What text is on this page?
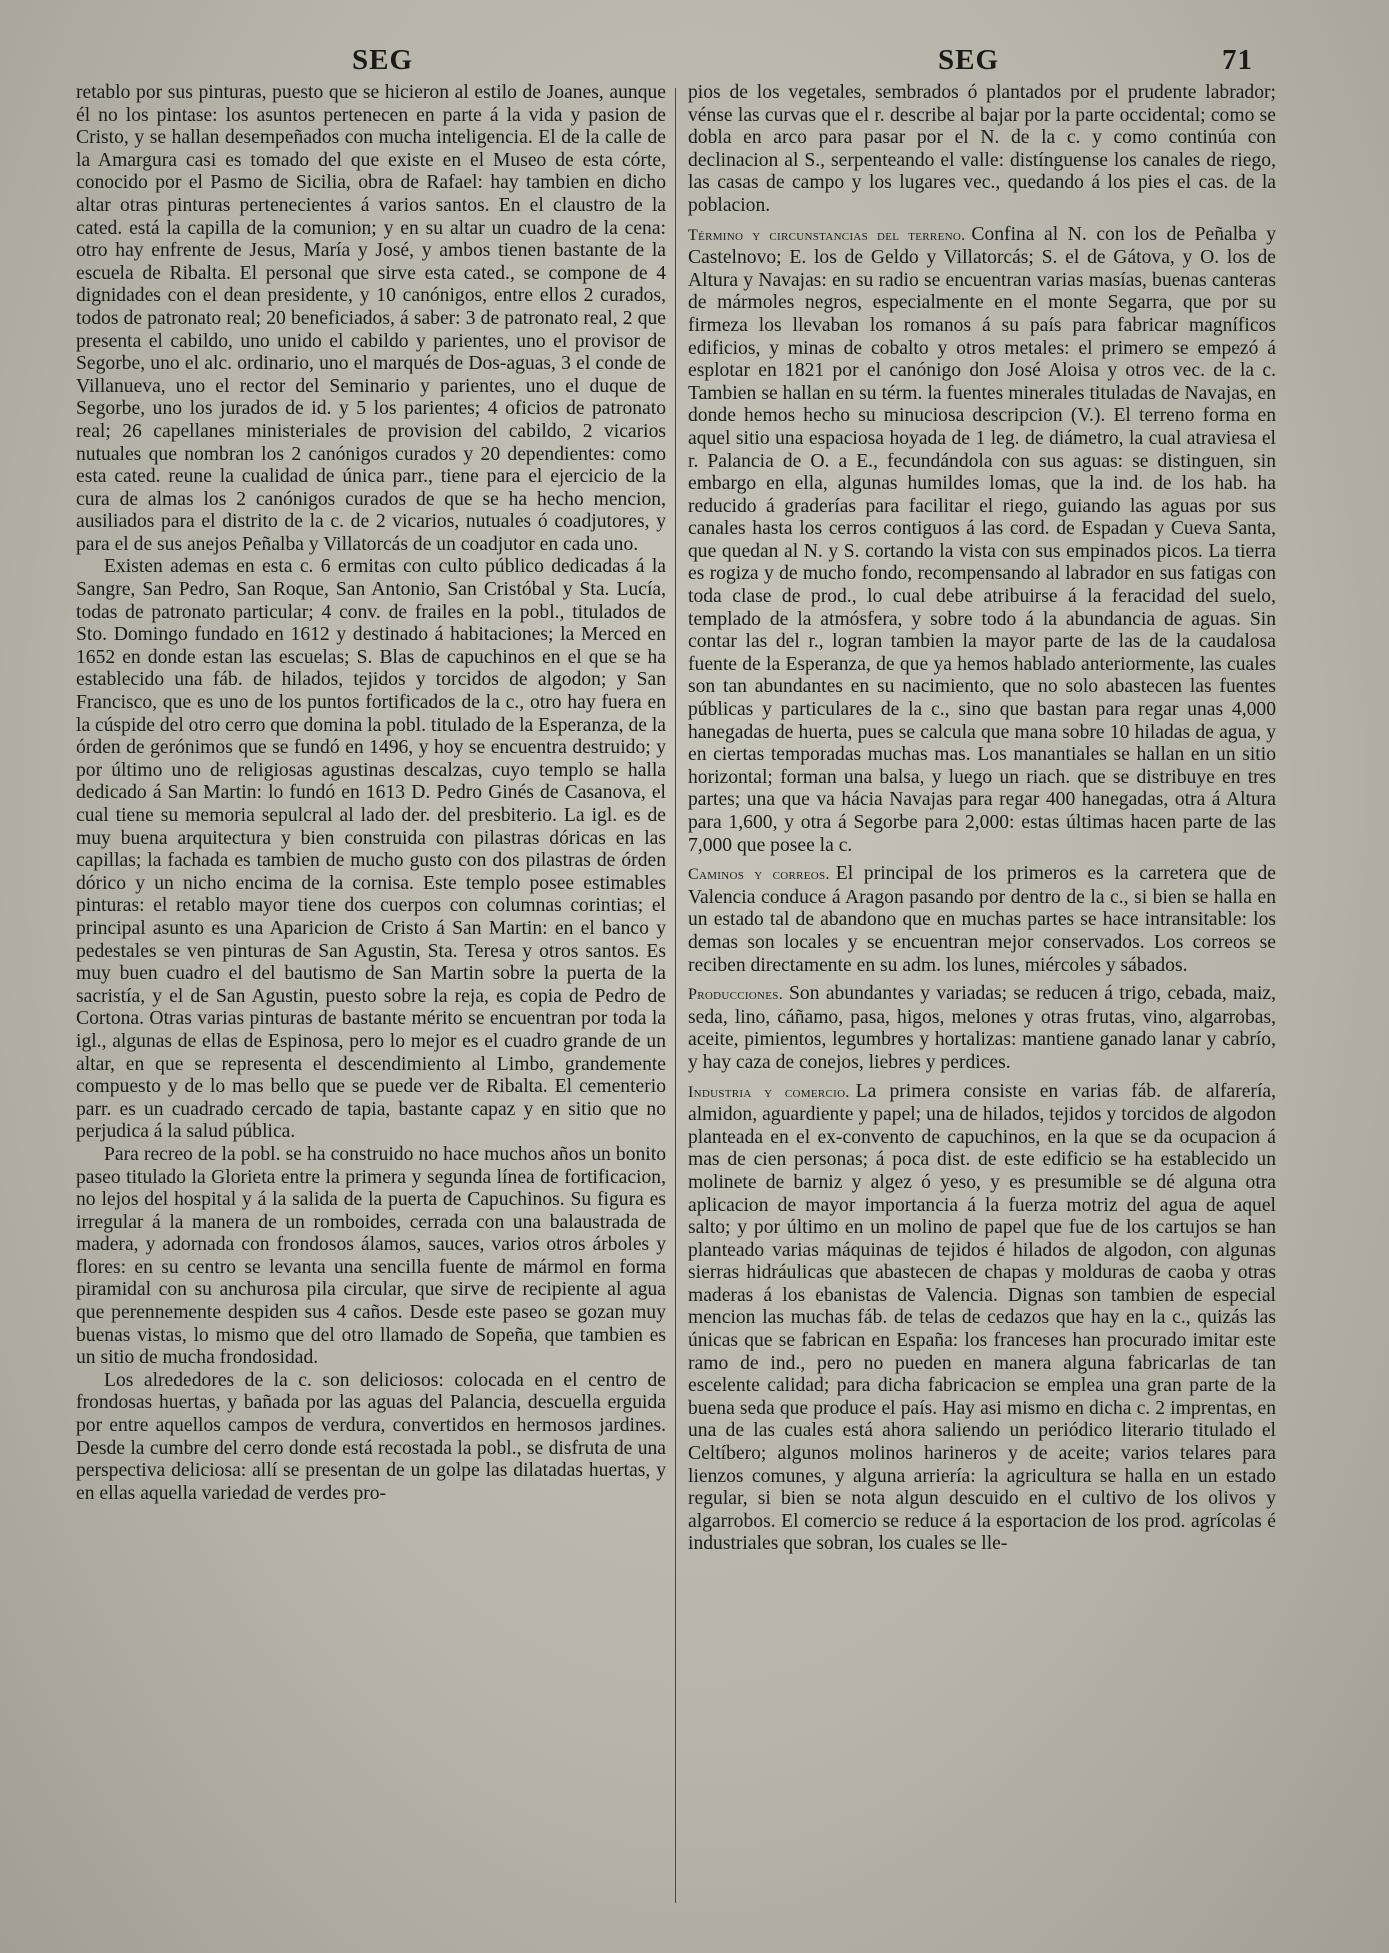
SEG	SEG	71

retablo por sus pinturas, puesto que se hicieron al estilo de Joanes, aunque él no los pintase: los asuntos pertenecen en parte á la vida y pasion de Cristo, y se hallan desempeñados con mucha inteligencia. El de la calle de la Amargura casi es tomado del que existe en el Museo de esta córte, conocido por el Pasmo de Sicilia, obra de Rafael: hay tambien en dicho altar otras pinturas pertenecientes á varios santos. En el claustro de la cated. está la capilla de la comunion; y en su altar un cuadro de la cena: otro hay enfrente de Jesus, María y José, y ambos tienen bastante de la escuela de Ribalta. El personal que sirve esta cated., se compone de 4 dignidades con el dean presidente, y 10 canónigos, entre ellos 2 curados, todos de patronato real; 20 beneficiados, á saber: 3 de patronato real, 2 que presenta el cabildo, uno unido el cabildo y parientes, uno el provisor de Segorbe, uno el alc. ordinario, uno el marqués de Dos-aguas, 3 el conde de Villanueva, uno el rector del Seminario y parientes, uno el duque de Segorbe, uno los jurados de id. y 5 los parientes; 4 oficios de patronato real; 26 capellanes ministeriales de provision del cabildo, 2 vicarios nutuales que nombran los 2 canónigos curados y 20 dependientes: como esta cated. reune la cualidad de única parr., tiene para el ejercicio de la cura de almas los 2 canónigos curados de que se ha hecho mencion, ausiliados para el distrito de la c. de 2 vicarios, nutuales ó coadjutores, y para el de sus anejos Peñalba y Villatorcás de un coadjutor en cada uno.

Existen ademas en esta c. 6 ermitas con culto público dedicadas á la Sangre, San Pedro, San Roque, San Antonio, San Cristóbal y Sta. Lucía, todas de patronato particular; 4 conv. de frailes en la pobl., titulados de Sto. Domingo fundado en 1612 y destinado á habitaciones; la Merced en 1652 en donde estan las escuelas; S. Blas de capuchinos en el que se ha establecido una fáb. de hilados, tejidos y torcidos de algodon; y San Francisco, que es uno de los puntos fortificados de la c., otro hay fuera en la cúspide del otro cerro que domina la pobl. titulado de la Esperanza, de la órden de gerónimos que se fundó en 1496, y hoy se encuentra destruido; y por último uno de religiosas agustinas descalzas, cuyo templo se halla dedicado á San Martin: lo fundó en 1613 D. Pedro Ginés de Casanova, el cual tiene su memoria sepulcral al lado der. del presbiterio. La igl. es de muy buena arquitectura y bien construida con pilastras dóricas en las capillas; la fachada es tambien de mucho gusto con dos pilastras de órden dórico y un nicho encima de la cornisa. Este templo posee estimables pinturas: el retablo mayor tiene dos cuerpos con columnas corintias; el principal asunto es una Aparicion de Cristo á San Martin: en el banco y pedestales se ven pinturas de San Agustin, Sta. Teresa y otros santos. Es muy buen cuadro el del bautismo de San Martin sobre la puerta de la sacristía, y el de San Agustin, puesto sobre la reja, es copia de Pedro de Cortona. Otras varias pinturas de bastante mérito se encuentran por toda la igl., algunas de ellas de Espinosa, pero lo mejor es el cuadro grande de un altar, en que se representa el descendimiento al Limbo, grandemente compuesto y de lo mas bello que se puede ver de Ribalta. El cementerio parr. es un cuadrado cercado de tapia, bastante capaz y en sitio que no perjudica á la salud pública.

Para recreo de la pobl. se ha construido no hace muchos años un bonito paseo titulado la Glorieta entre la primera y segunda línea de fortificacion, no lejos del hospital y á la salida de la puerta de Capuchinos. Su figura es irregular á la manera de un romboides, cerrada con una balaustrada de madera, y adornada con frondosos álamos, sauces, varios otros árboles y flores: en su centro se levanta una sencilla fuente de mármol en forma piramidal con su anchurosa pila circular, que sirve de recipiente al agua que perennemente despiden sus 4 caños. Desde este paseo se gozan muy buenas vistas, lo mismo que del otro llamado de Sopeña, que tambien es un sitio de mucha frondosidad.

Los alrededores de la c. son deliciosos: colocada en el centro de frondosas huertas, y bañada por las aguas del Palancia, descuella erguida por entre aquellos campos de verdura, convertidos en hermosos jardines. Desde la cumbre del cerro donde está recostada la pobl., se disfruta de una perspectiva deliciosa: allí se presentan de un golpe las dilatadas huertas, y en ellas aquella variedad de verdes pro-

pios de los vegetales, sembrados ó plantados por el prudente labrador; vénse las curvas que el r. describe al bajar por la parte occidental; como se dobla en arco para pasar por el N. de la c. y como continúa con declinacion al S., serpenteando el valle: distínguense los canales de riego, las casas de campo y los lugares vec., quedando á los pies el cas. de la poblacion.

Término y circunstancias del terreno. Confina al N. con los de Peñalba y Castelnovo; E. los de Geldo y Villatorcás; S. el de Gátova, y O. los de Altura y Navajas: en su radio se encuentran varias masías, buenas canteras de mármoles negros, especialmente en el monte Segarra, que por su firmeza los llevaban los romanos á su país para fabricar magníficos edificios, y minas de cobalto y otros metales: el primero se empezó á esplotar en 1821 por el canónigo don José Aloisa y otros vec. de la c. Tambien se hallan en su térm. la fuentes minerales tituladas de Navajas, en donde hemos hecho su minuciosa descripcion (V.). El terreno forma en aquel sitio una espaciosa hoyada de 1 leg. de diámetro, la cual atraviesa el r. Palancia de O. a E., fecundándola con sus aguas: se distinguen, sin embargo en ella, algunas humildes lomas, que la ind. de los hab. ha reducido á graderías para facilitar el riego, guiando las aguas por sus canales hasta los cerros contiguos á las cord. de Espadan y Cueva Santa, que quedan al N. y S. cortando la vista con sus empinados picos. La tierra es rogiza y de mucho fondo, recompensando al labrador en sus fatigas con toda clase de prod., lo cual debe atribuirse á la feracidad del suelo, templado de la atmósfera, y sobre todo á la abundancia de aguas. Sin contar las del r., logran tambien la mayor parte de las de la caudalosa fuente de la Esperanza, de que ya hemos hablado anteriormente, las cuales son tan abundantes en su nacimiento, que no solo abastecen las fuentes públicas y particulares de la c., sino que bastan para regar unas 4,000 hanegadas de huerta, pues se calcula que mana sobre 10 hiladas de agua, y en ciertas temporadas muchas mas. Los manantiales se hallan en un sitio horizontal; forman una balsa, y luego un riach. que se distribuye en tres partes; una que va hácia Navajas para regar 400 hanegadas, otra á Altura para 1,600, y otra á Segorbe para 2,000: estas últimas hacen parte de las 7,000 que posee la c.

Caminos y correos. El principal de los primeros es la carretera que de Valencia conduce á Aragon pasando por dentro de la c., si bien se halla en un estado tal de abandono que en muchas partes se hace intransitable: los demas son locales y se encuentran mejor conservados. Los correos se reciben directamente en su adm. los lunes, miércoles y sábados.

Producciones. Son abundantes y variadas; se reducen á trigo, cebada, maiz, seda, lino, cáñamo, pasa, higos, melones y otras frutas, vino, algarrobas, aceite, pimientos, legumbres y hortalizas: mantiene ganado lanar y cabrío, y hay caza de conejos, liebres y perdices.

Industria y comercio. La primera consiste en varias fáb. de alfarería, almidon, aguardiente y papel; una de hilados, tejidos y torcidos de algodon planteada en el ex-convento de capuchinos, en la que se da ocupacion á mas de cien personas; á poca dist. de este edificio se ha establecido un molinete de barniz y algez ó yeso, y es presumible se dé alguna otra aplicacion de mayor importancia á la fuerza motriz del agua de aquel salto; y por último en un molino de papel que fue de los cartujos se han planteado varias máquinas de tejidos é hilados de algodon, con algunas sierras hidráulicas que abastecen de chapas y molduras de caoba y otras maderas á los ebanistas de Valencia. Dignas son tambien de especial mencion las muchas fáb. de telas de cedazos que hay en la c., quizás las únicas que se fabrican en España: los franceses han procurado imitar este ramo de ind., pero no pueden en manera alguna fabricarlas de tan escelente calidad; para dicha fabricacion se emplea una gran parte de la buena seda que produce el país. Hay asi mismo en dicha c. 2 imprentas, en una de las cuales está ahora saliendo un periódico literario titulado el Celtíbero; algunos molinos harineros y de aceite; varios telares para lienzos comunes, y alguna arriería: la agricultura se halla en un estado regular, si bien se nota algun descuido en el cultivo de los olivos y algarrobos. El comercio se reduce á la esportacion de los prod. agrícolas é industriales que sobran, los cuales se lle-
